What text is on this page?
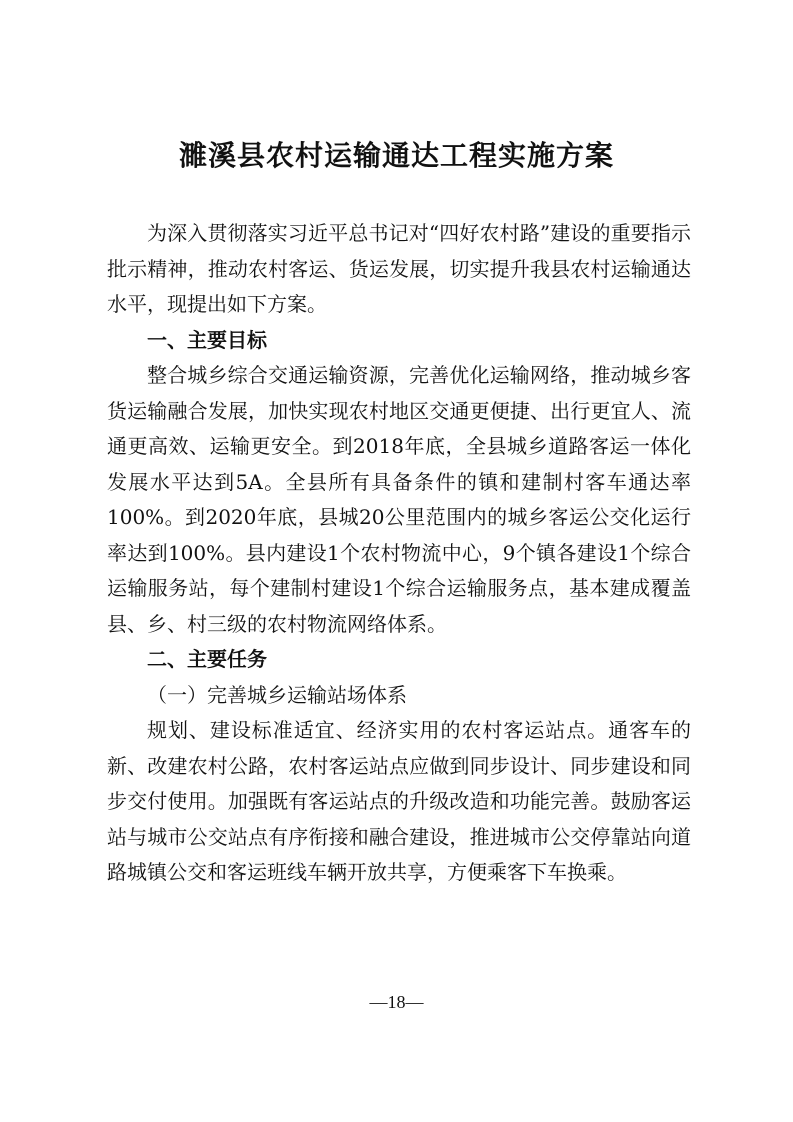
濉溪县农村运输通达工程实施方案

为深入贯彻落实习近平总书记对“四好农村路”建设的重要指示批示精神，推动农村客运、货运发展，切实提升我县农村运输通达水平，现提出如下方案。

一、主要目标

整合城乡综合交通运输资源，完善优化运输网络，推动城乡客货运输融合发展，加快实现农村地区交通更便捷、出行更宜人、流通更高效、运输更安全。到2018年底，全县城乡道路客运一体化发展水平达到5A。全县所有具备条件的镇和建制村客车通达率100%。到2020年底，县城20公里范围内的城乡客运公交化运行率达到100%。县内建设1个农村物流中心，9个镇各建设1个综合运输服务站，每个建制村建设1个综合运输服务点，基本建成覆盖县、乡、村三级的农村物流网络体系。

二、主要任务

（一）完善城乡运输站场体系

规划、建设标准适宜、经济实用的农村客运站点。通客车的新、改建农村公路，农村客运站点应做到同步设计、同步建设和同步交付使用。加强既有客运站点的升级改造和功能完善。鼓励客运站与城市公交站点有序衔接和融合建设，推进城市公交停靠站向道路城镇公交和客运班线车辆开放共享，方便乘客下车换乘。

—18—
